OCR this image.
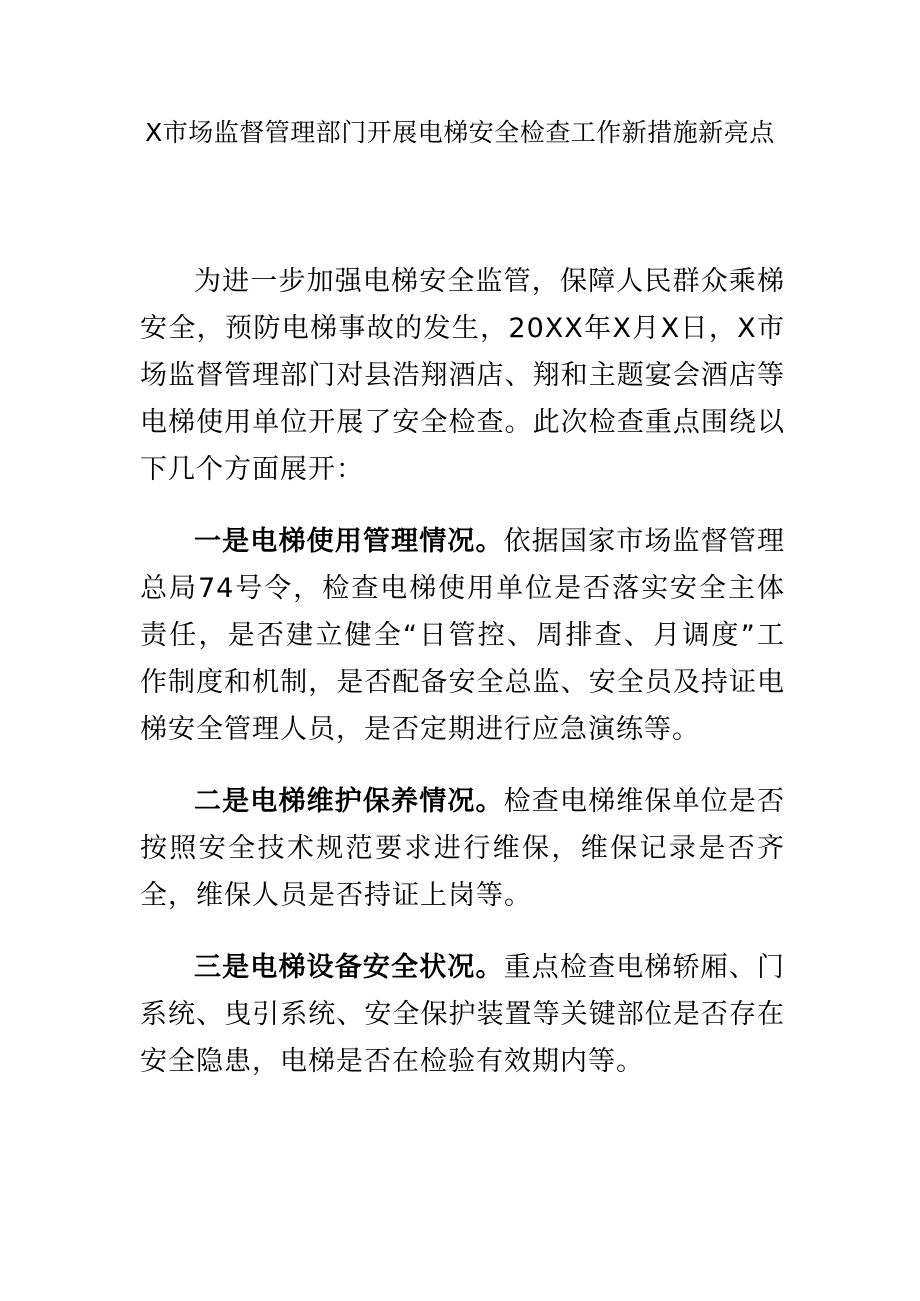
X市场监督管理部门开展电梯安全检查工作新措施新亮点

为进一步加强电梯安全监管，保障人民群众乘梯安全，预防电梯事故的发生，20XX年X月X日，X市场监督管理部门对县浩翔酒店、翔和主题宴会酒店等电梯使用单位开展了安全检查。此次检查重点围绕以下几个方面展开：

一是电梯使用管理情况。依据国家市场监督管理总局74号令，检查电梯使用单位是否落实安全主体责任，是否建立健全“日管控、周排查、月调度”工作制度和机制，是否配备安全总监、安全员及持证电梯安全管理人员，是否定期进行应急演练等。

二是电梯维护保养情况。检查电梯维保单位是否按照安全技术规范要求进行维保，维保记录是否齐全，维保人员是否持证上岗等。

三是电梯设备安全状况。重点检查电梯轿厢、门系统、曳引系统、安全保护装置等关键部位是否存在安全隐患，电梯是否在检验有效期内等。
